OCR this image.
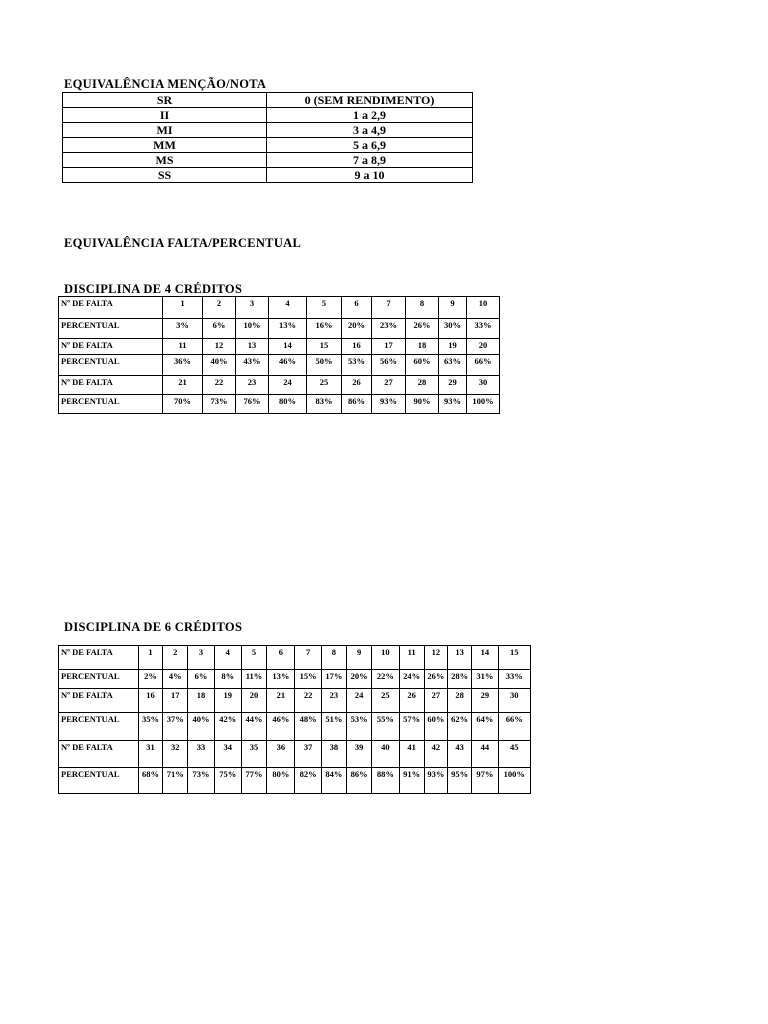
EQUIVALÊNCIA MENÇÃO/NOTA
SR	0 (SEM RENDIMENTO)
II	1 a 2,9
MI	3 a 4,9
MM	5 a 6,9
MS	7 a 8,9
SS	9 a 10
EQUIVALÊNCIA FALTA/PERCENTUAL
DISCIPLINA DE 4 CRÉDITOS
Nº DE FALTA	1	2	3	4	5	6	7	8	9	10
PERCENTUAL	3%	6%	10%	13%	16%	20%	23%	26%	30%	33%
Nº DE FALTA	11	12	13	14	15	16	17	18	19	20
PERCENTUAL	36%	40%	43%	46%	50%	53%	56%	60%	63%	66%
Nº DE FALTA	21	22	23	24	25	26	27	28	29	30
PERCENTUAL	70%	73%	76%	80%	83%	86%	93%	90%	93%	100%
DISCIPLINA DE 6 CRÉDITOS
Nº DE FALTA	1	2	3	4	5	6	7	8	9	10	11	12	13	14	15
PERCENTUAL	2%	4%	6%	8%	11%	13%	15%	17%	20%	22%	24%	26%	28%	31%	33%
Nº DE FALTA	16	17	18	19	20	21	22	23	24	25	26	27	28	29	30
PERCENTUAL	35%	37%	40%	42%	44%	46%	48%	51%	53%	55%	57%	60%	62%	64%	66%
Nº DE FALTA	31	32	33	34	35	36	37	38	39	40	41	42	43	44	45
PERCENTUAL	68%	71%	73%	75%	77%	80%	82%	84%	86%	88%	91%	93%	95%	97%	100%
